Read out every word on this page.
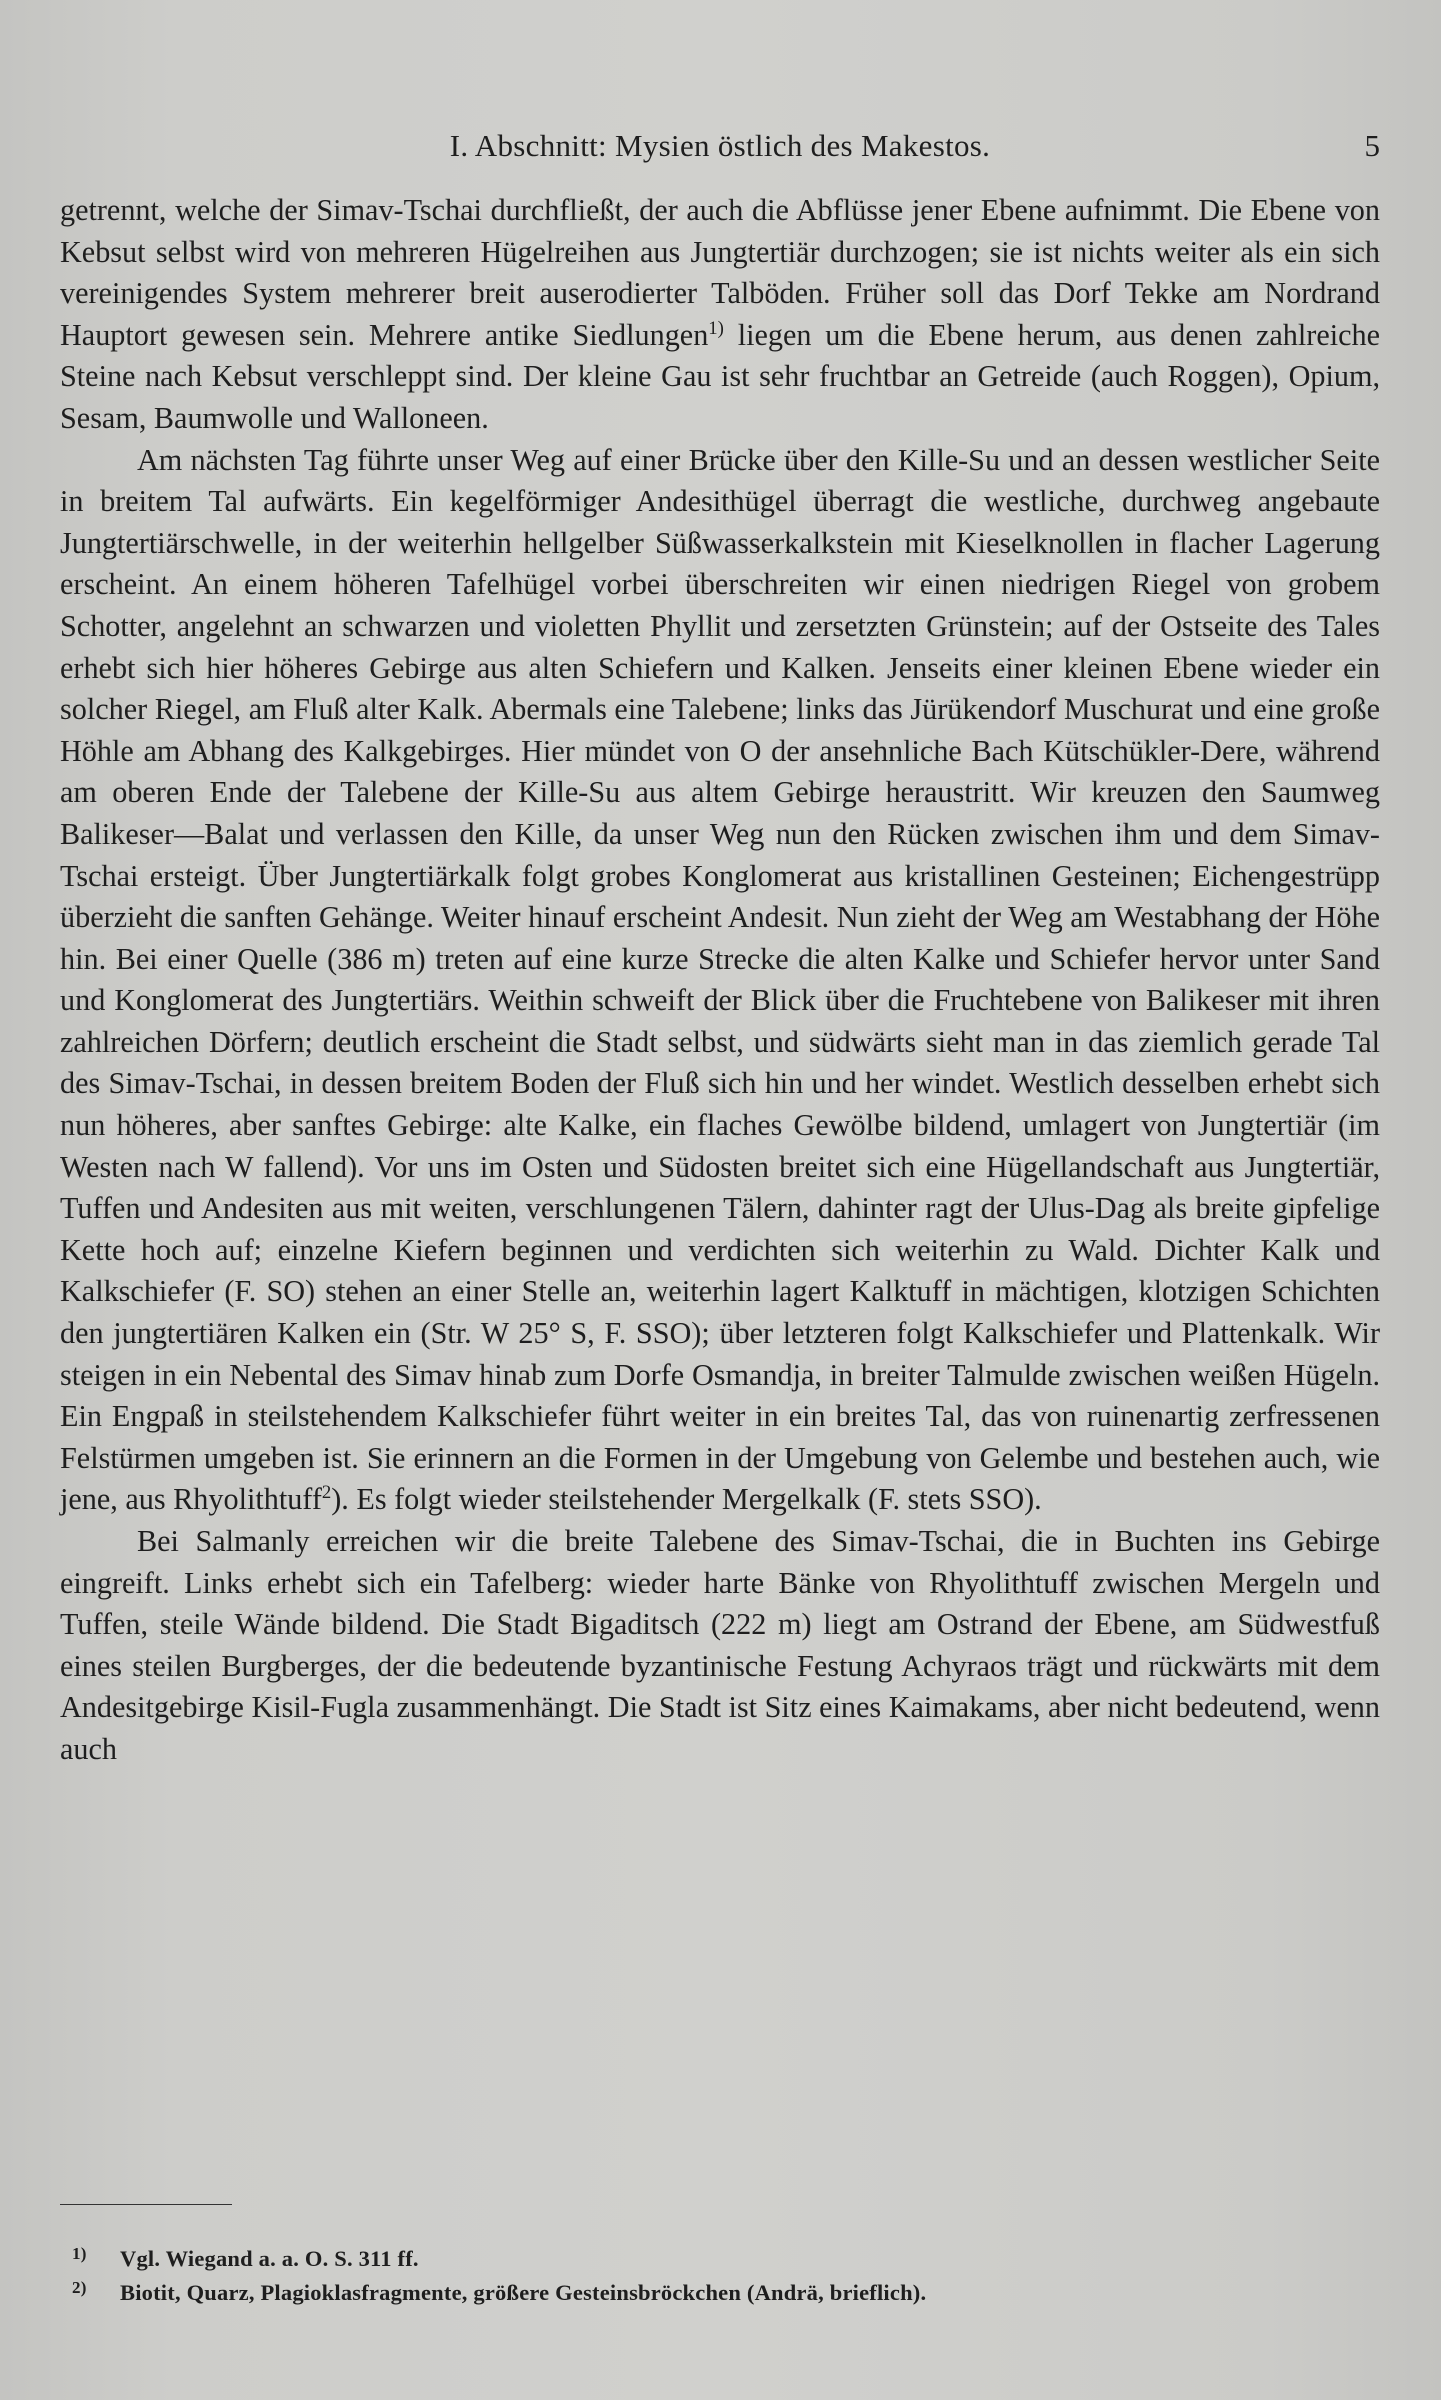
I. Abschnitt: Mysien östlich des Makestos.	5

getrennt, welche der Simav-Tschai durchfließt, der auch die Abflüsse jener Ebene aufnimmt. Die Ebene von Kebsut selbst wird von mehreren Hügelreihen aus Jungtertiär durchzogen; sie ist nichts weiter als ein sich vereinigendes System mehrerer breit auserodierter Talböden. Früher soll das Dorf Tekke am Nordrand Hauptort gewesen sein. Mehrere antike Siedlungen$^{1)}$ liegen um die Ebene herum, aus denen zahlreiche Steine nach Kebsut verschleppt sind. Der kleine Gau ist sehr fruchtbar an Getreide (auch Roggen), Opium, Sesam, Baumwolle und Walloneen.

Am nächsten Tag führte unser Weg auf einer Brücke über den Kille-Su und an dessen westlicher Seite in breitem Tal aufwärts. Ein kegelförmiger Andesithügel überragt die westliche, durchweg angebaute Jungtertiärschwelle, in der weiterhin hellgelber Süßwasserkalkstein mit Kieselknollen in flacher Lagerung erscheint. An einem höheren Tafelhügel vorbei überschreiten wir einen niedrigen Riegel von grobem Schotter, angelehnt an schwarzen und violetten Phyllit und zersetzten Grünstein; auf der Ostseite des Tales erhebt sich hier höheres Gebirge aus alten Schiefern und Kalken. Jenseits einer kleinen Ebene wieder ein solcher Riegel, am Fluß alter Kalk. Abermals eine Talebene; links das Jürükendorf Muschurat und eine große Höhle am Abhang des Kalkgebirges. Hier mündet von O der ansehnliche Bach Kütschükler-Dere, während am oberen Ende der Talebene der Kille-Su aus altem Gebirge heraustritt. Wir kreuzen den Saumweg Balikeser—Balat und verlassen den Kille, da unser Weg nun den Rücken zwischen ihm und dem Simav-Tschai ersteigt. Über Jungtertiärkalk folgt grobes Konglomerat aus kristallinen Gesteinen; Eichengestrüpp überzieht die sanften Gehänge. Weiter hinauf erscheint Andesit. Nun zieht der Weg am Westabhang der Höhe hin. Bei einer Quelle (386 m) treten auf eine kurze Strecke die alten Kalke und Schiefer hervor unter Sand und Konglomerat des Jungtertiärs. Weithin schweift der Blick über die Fruchtebene von Balikeser mit ihren zahlreichen Dörfern; deutlich erscheint die Stadt selbst, und südwärts sieht man in das ziemlich gerade Tal des Simav-Tschai, in dessen breitem Boden der Fluß sich hin und her windet. Westlich desselben erhebt sich nun höheres, aber sanftes Gebirge: alte Kalke, ein flaches Gewölbe bildend, umlagert von Jungtertiär (im Westen nach W fallend). Vor uns im Osten und Südosten breitet sich eine Hügellandschaft aus Jungtertiär, Tuffen und Andesiten aus mit weiten, verschlungenen Tälern, dahinter ragt der Ulus-Dag als breite gipfelige Kette hoch auf; einzelne Kiefern beginnen und verdichten sich weiterhin zu Wald. Dichter Kalk und Kalkschiefer (F. SO) stehen an einer Stelle an, weiterhin lagert Kalktuff in mächtigen, klotzigen Schichten den jungtertiären Kalken ein (Str. W 25° S, F. SSO); über letzteren folgt Kalkschiefer und Plattenkalk. Wir steigen in ein Nebental des Simav hinab zum Dorfe Osmandja, in breiter Talmulde zwischen weißen Hügeln. Ein Engpaß in steilstehendem Kalkschiefer führt weiter in ein breites Tal, das von ruinenartig zerfressenen Felstürmen umgeben ist. Sie erinnern an die Formen in der Umgebung von Gelembe und bestehen auch, wie jene, aus Rhyolithtuff$^2$). Es folgt wieder steilstehender Mergelkalk (F. stets SSO).

Bei Salmanly erreichen wir die breite Talebene des Simav-Tschai, die in Buchten ins Gebirge eingreift. Links erhebt sich ein Tafelberg: wieder harte Bänke von Rhyolithtuff zwischen Mergeln und Tuffen, steile Wände bildend. Die Stadt Bigaditsch (222 m) liegt am Ostrand der Ebene, am Südwestfuß eines steilen Burgberges, der die bedeutende byzantinische Festung Achyraos trägt und rückwärts mit dem Andesitgebirge Kisil-Fugla zusammenhängt. Die Stadt ist Sitz eines Kaimakams, aber nicht bedeutend, wenn auch

1) Vgl. Wiegand a. a. O. S. 311 ff.

2) Biotit, Quarz, Plagioklasfragmente, größere Gesteinsbröckchen (Andrä, brieflich).
